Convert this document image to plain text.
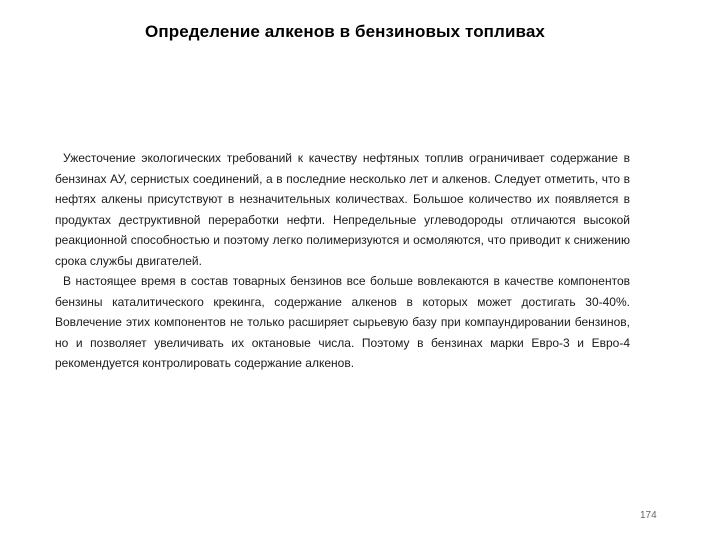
Определение алкенов в бензиновых топливах

Ужесточение экологических требований к качеству нефтяных топлив ограничивает содержание в бензинах АУ, сернистых соединений, а в последние несколько лет и алкенов. Следует отметить, что в нефтях алкены присутствуют в незначительных количествах. Большое количество их появляется в продуктах деструктивной переработки нефти. Непредельные углеводороды отличаются высокой реакционной способностью и поэтому легко полимеризуются и осмоляются, что приводит к снижению срока службы двигателей.

В настоящее время в состав товарных бензинов все больше вовлекаются в качестве компонентов бензины каталитического крекинга, содержание алкенов в которых может достигать 30-40%. Вовлечение этих компонентов не только расширяет сырьевую базу при компаундировании бензинов, но и позволяет увеличивать их октановые числа. Поэтому в бензинах марки Евро-3 и Евро-4 рекомендуется контролировать содержание алкенов.

174
